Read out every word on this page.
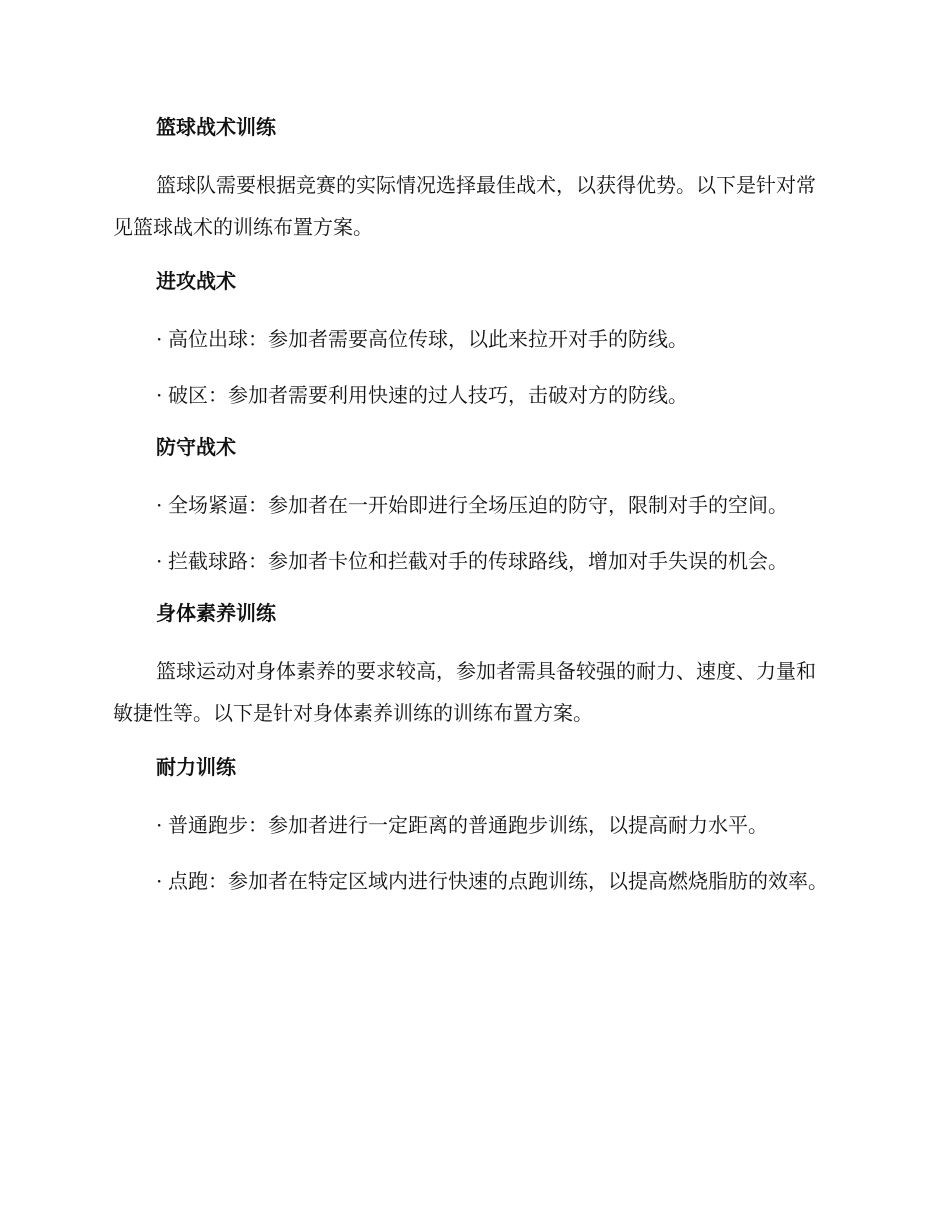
篮球战术训练

篮球队需要根据竞赛的实际情况选择最佳战术，以获得优势。以下是针对常见篮球战术的训练布置方案。

进攻战术

· 高位出球：参加者需要高位传球，以此来拉开对手的防线。

· 破区：参加者需要利用快速的过人技巧，击破对方的防线。

防守战术

· 全场紧逼：参加者在一开始即进行全场压迫的防守，限制对手的空间。

· 拦截球路：参加者卡位和拦截对手的传球路线，增加对手失误的机会。

身体素养训练

篮球运动对身体素养的要求较高，参加者需具备较强的耐力、速度、力量和敏捷性等。以下是针对身体素养训练的训练布置方案。

耐力训练

· 普通跑步：参加者进行一定距离的普通跑步训练，以提高耐力水平。

· 点跑：参加者在特定区域内进行快速的点跑训练，以提高燃烧脂肪的效率。
